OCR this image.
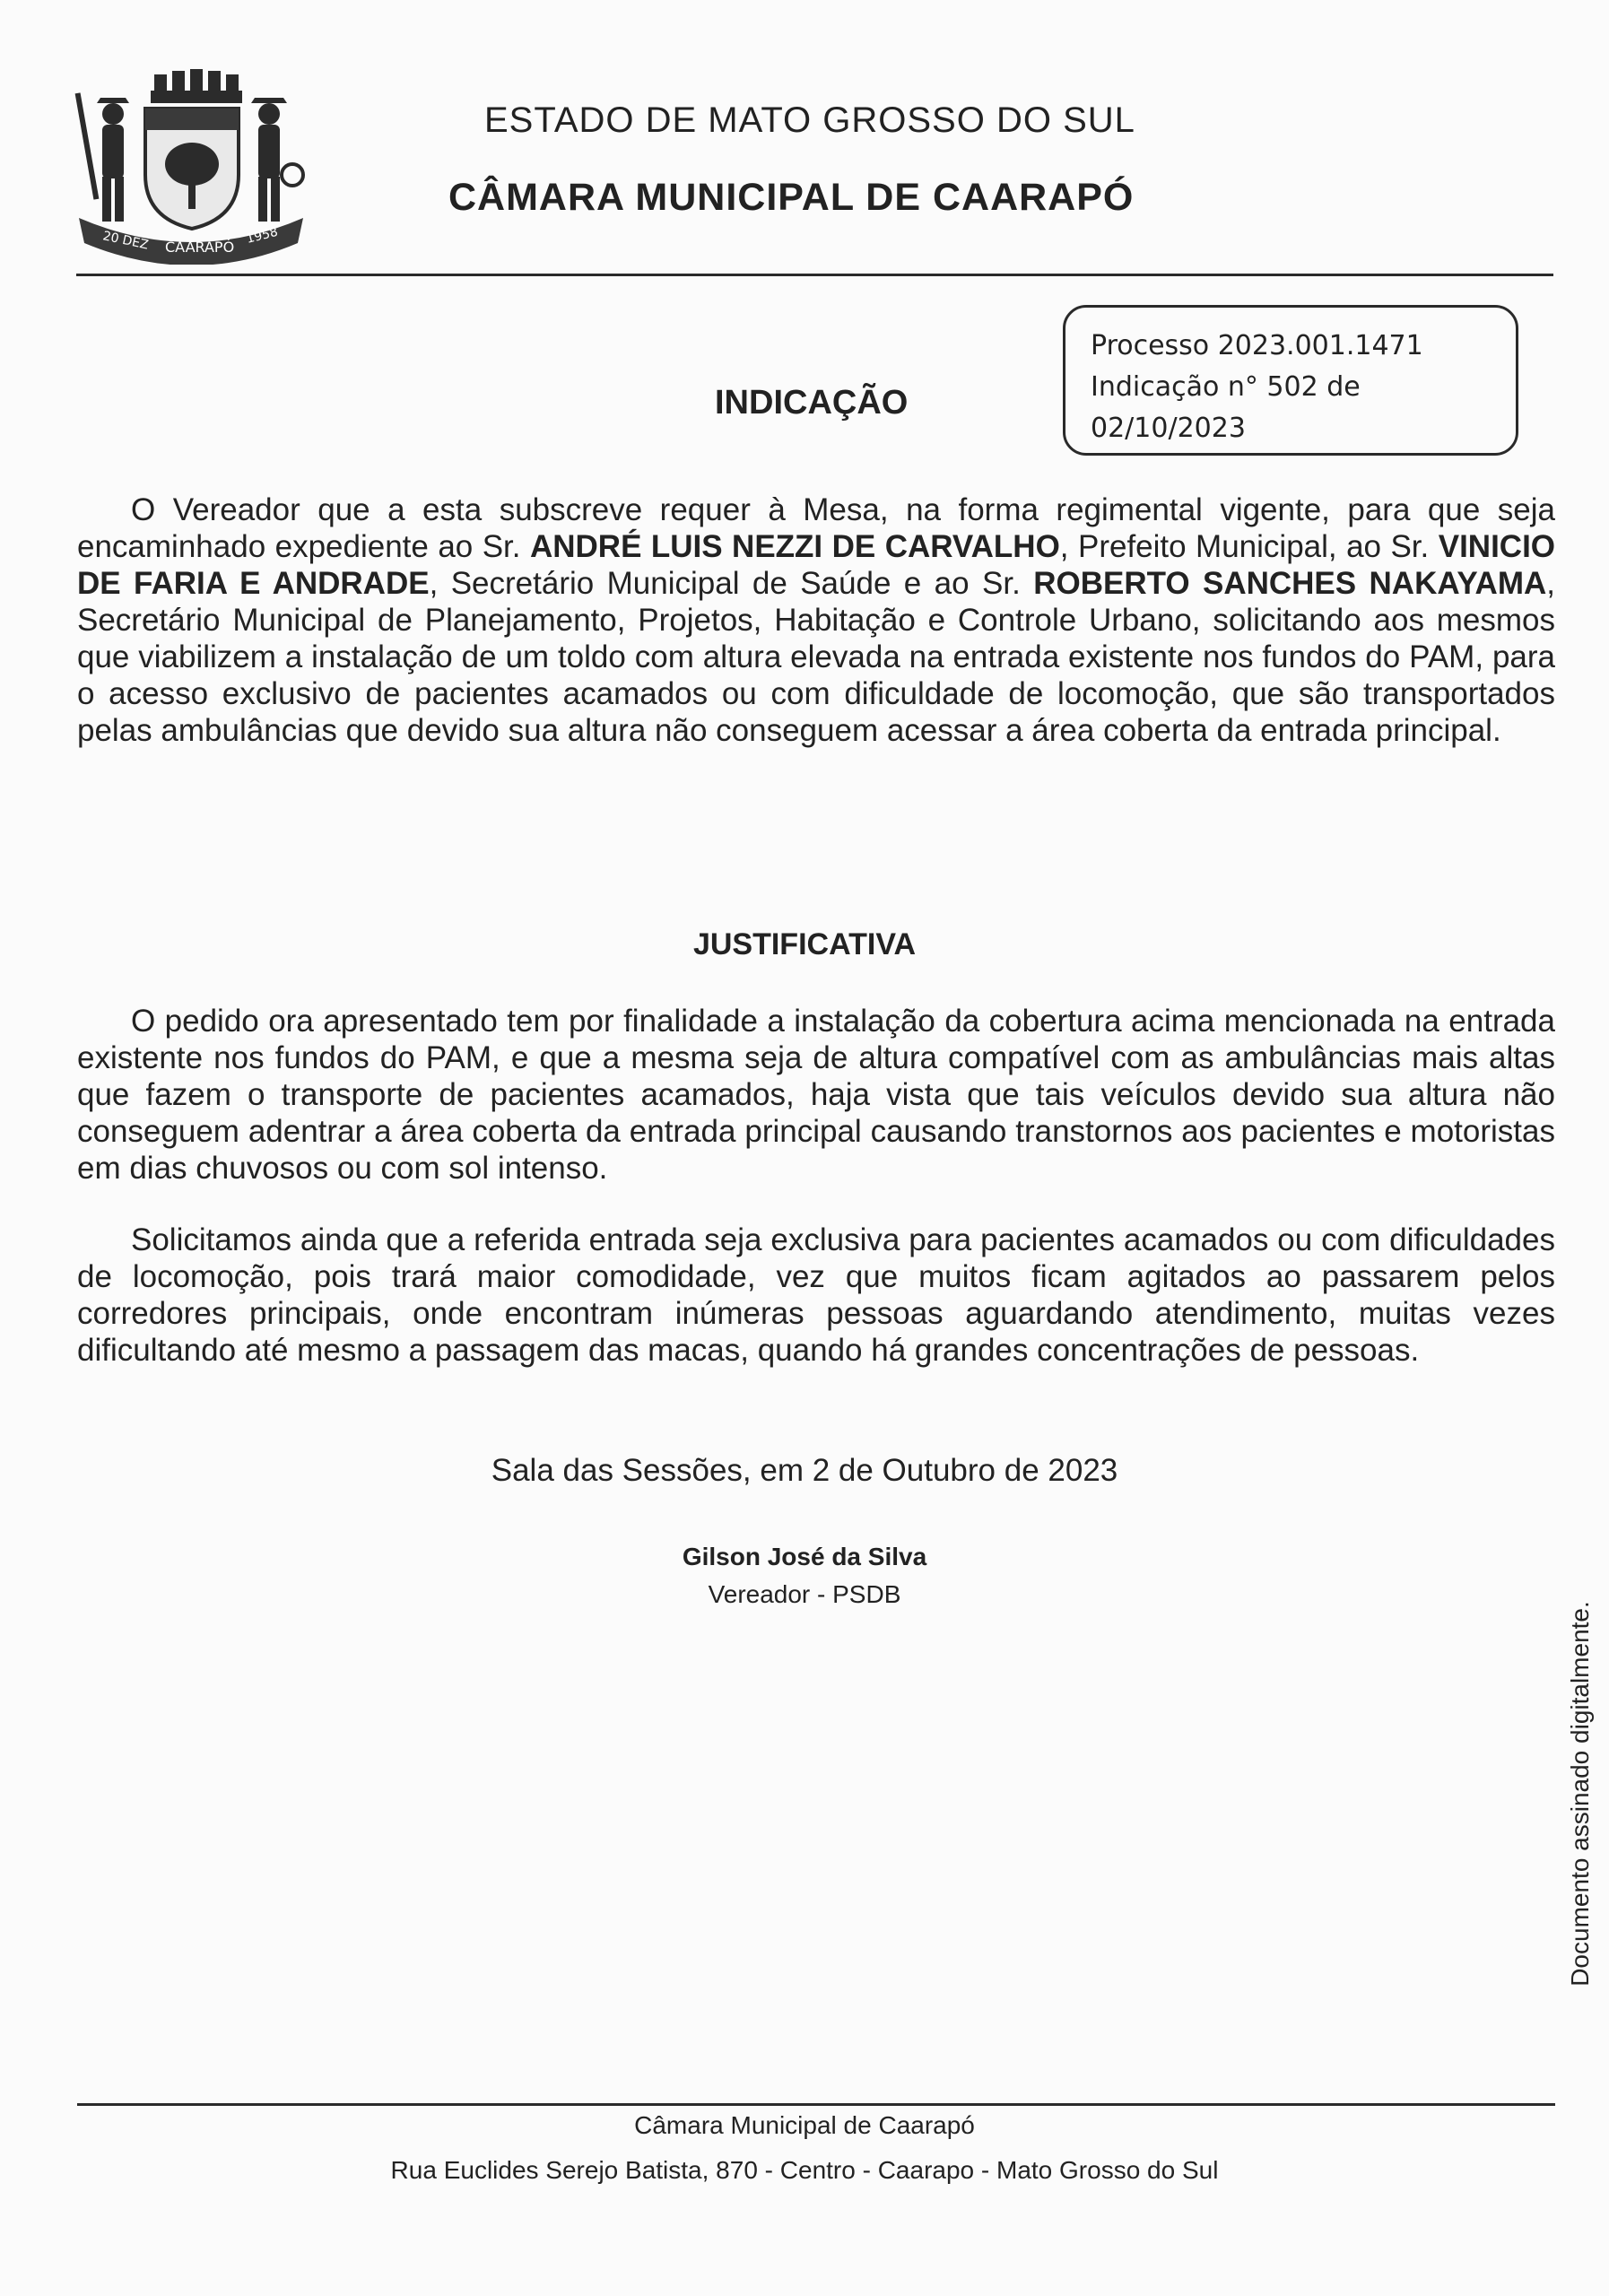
20 DEZ CAARAPÓ
1958
ESTADO DE MATO GROSSO DO SUL
CÂMARA MUNICIPAL DE CAARAPÓ
Processo 2023.001.1471
Indicação n° 502 de
02/10/2023
INDICAÇÃO
O Vereador que a esta subscreve requer à Mesa, na forma regimental vigente, para que seja encaminhado expediente ao Sr. ANDRÉ LUIS NEZZI DE CARVALHO, Prefeito Municipal, ao Sr. VINICIO DE FARIA E ANDRADE, Secretário Municipal de Saúde e ao Sr. ROBERTO SANCHES NAKAYAMA, Secretário Municipal de Planejamento, Projetos, Habitação e Controle Urbano, solicitando aos mesmos que viabilizem a instalação de um toldo com altura elevada na entrada existente nos fundos do PAM, para o acesso exclusivo de pacientes acamados ou com dificuldade de locomoção, que são transportados pelas ambulâncias que devido sua altura não conseguem acessar a área coberta da entrada principal.
JUSTIFICATIVA
O pedido ora apresentado tem por finalidade a instalação da cobertura acima mencionada na entrada existente nos fundos do PAM, e que a mesma seja de altura compatível com as ambulâncias mais altas que fazem o transporte de pacientes acamados, haja vista que tais veículos devido sua altura não conseguem adentrar a área coberta da entrada principal causando transtornos aos pacientes e motoristas em dias chuvosos ou com sol intenso.
Solicitamos ainda que a referida entrada seja exclusiva para pacientes acamados ou com dificuldades de locomoção, pois trará maior comodidade, vez que muitos ficam agitados ao passarem pelos corredores principais, onde encontram inúmeras pessoas aguardando atendimento, muitas vezes dificultando até mesmo a passagem das macas, quando há grandes concentrações de pessoas.
Sala das Sessões, em 2 de Outubro de 2023
Gilson José da Silva
Vereador - PSDB
Documento assinado digitalmente.
Câmara Municipal de Caarapó
Rua Euclides Serejo Batista, 870 - Centro - Caarapo - Mato Grosso do Sul
